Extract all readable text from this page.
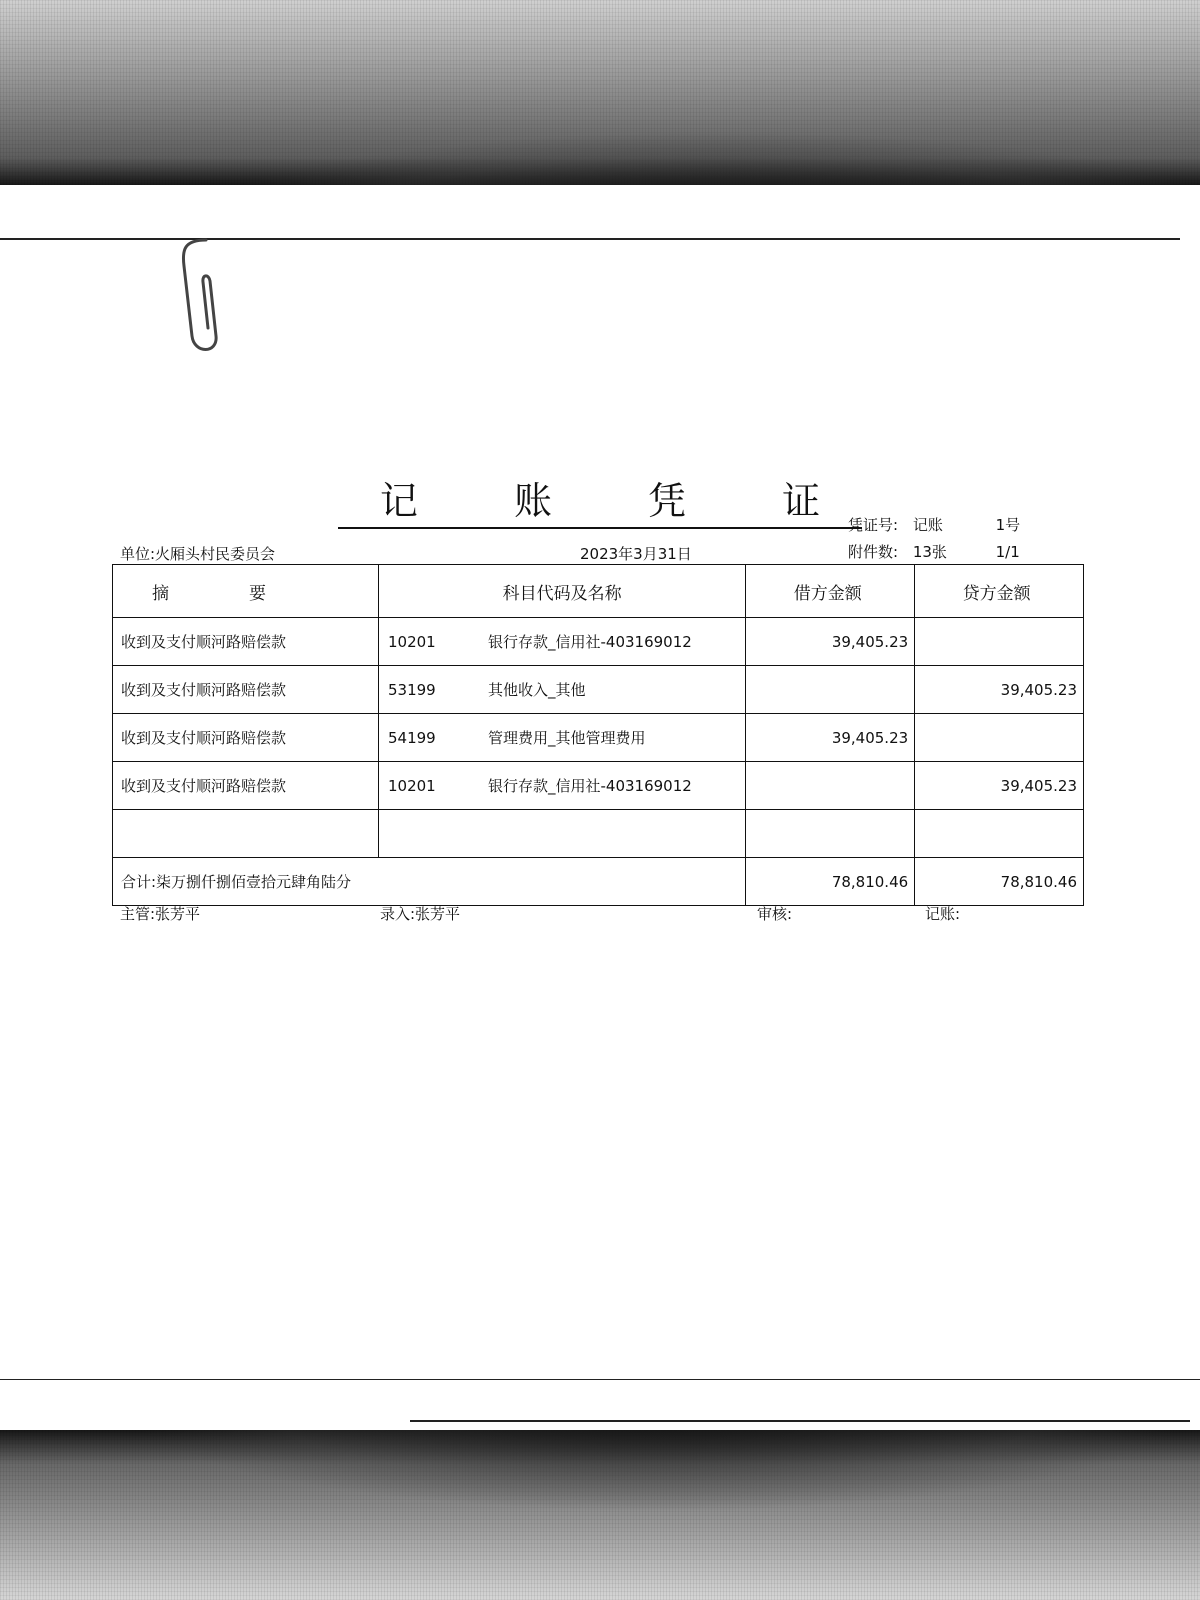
记 账 凭 证
凭证号: 记账	1号
附件数: 13张	1/1
单位:火厢头村民委员会	2023年3月31日
摘要	科目代码及名称	借方金额	贷方金额
收到及支付顺河路赔偿款	10201 银行存款_信用社-403169012	39,405.23	
收到及支付顺河路赔偿款	53199 其他收入_其他		39,405.23
收到及支付顺河路赔偿款	54199 管理费用_其他管理费用	39,405.23	
收到及支付顺河路赔偿款	10201 银行存款_信用社-403169012		39,405.23

合计:柒万捌仟捌佰壹拾元肆角陆分		78,810.46	78,810.46
主管:张芳平	录入:张芳平	审核:	记账:
